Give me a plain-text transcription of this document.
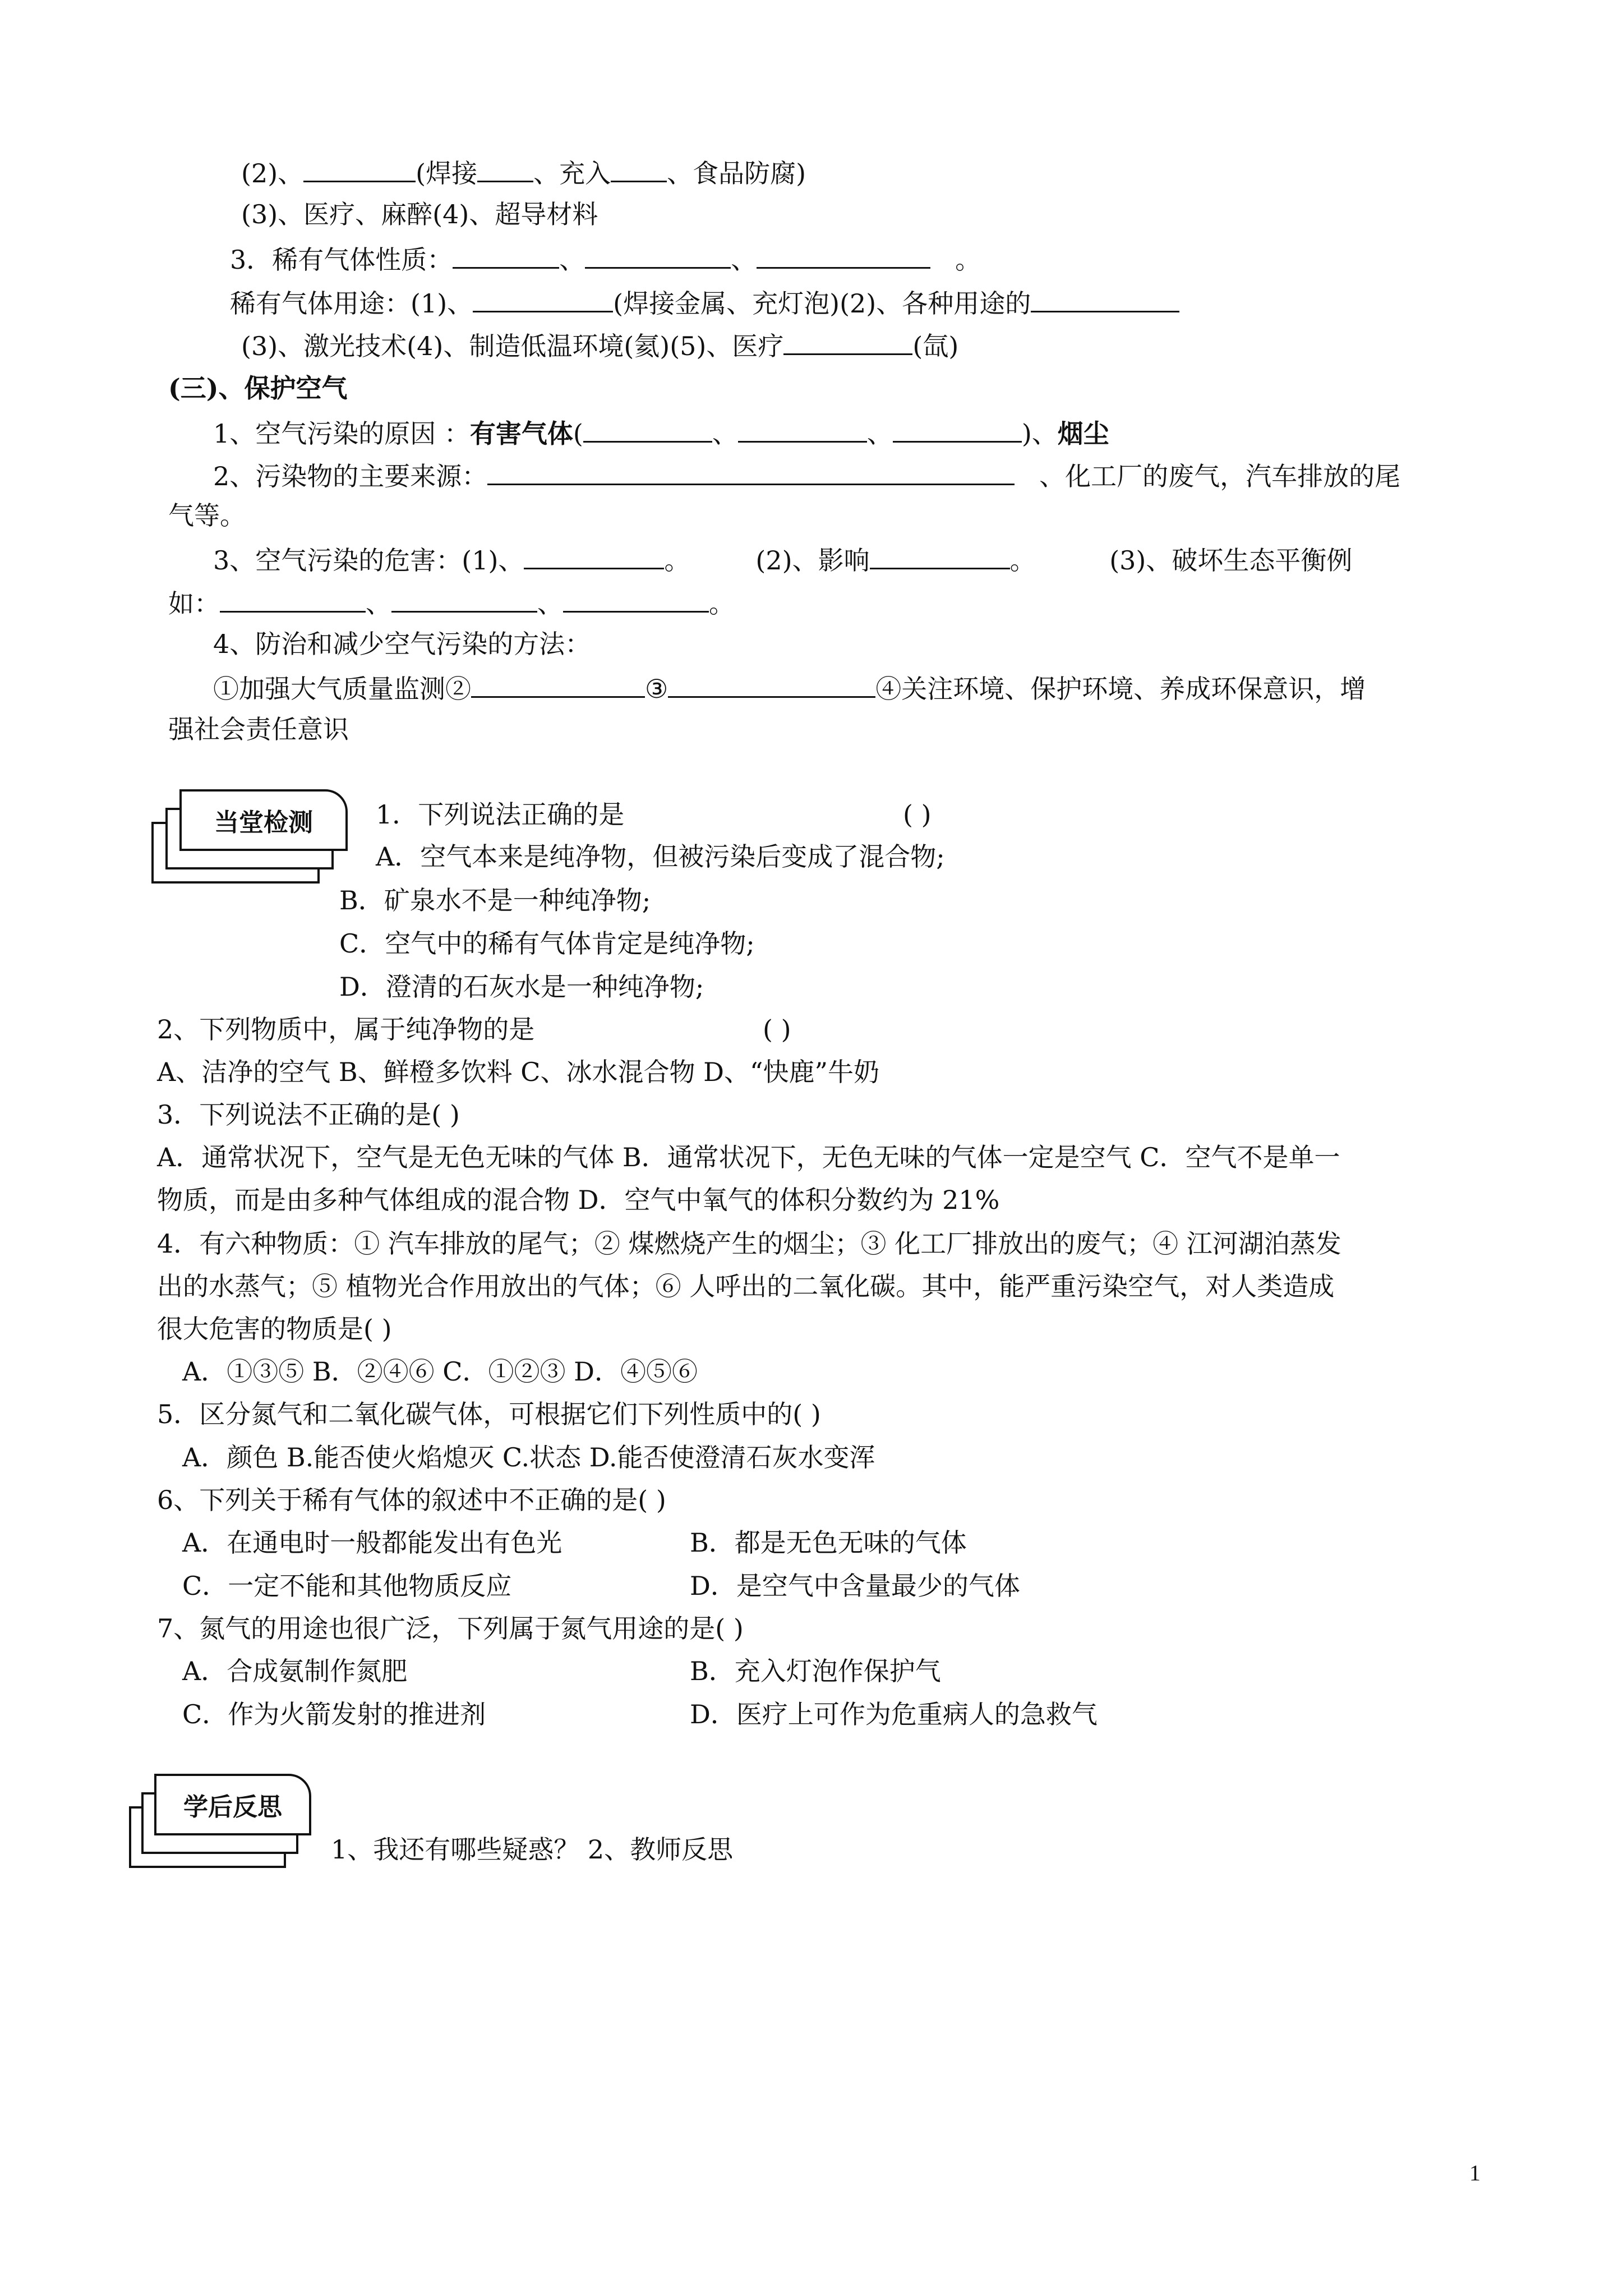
(2)、	(焊接 、充入 、食品防腐)
(3)、医疗、麻醉(4)、超导材料
3．稀有气体性质：	、	、	。
稀有气体用途：(1)、	(焊接金属、充灯泡)(2)、各种用途的
(3)、激光技术(4)、制造低温环境(氦)(5)、医疗	(氙)
(三)、保护空气
1、空气污染的原因 ：有害气体(	、	、	)、烟尘
2、污染物的主要来源：	、化工厂的废气，汽车排放的尾
气等。
3、空气污染的危害：(1)、	。	(2)、影响	。	(3)、破坏生态平衡例
如：	、	、	。
4、防治和减少空气污染的方法：
①加强大气质量监测②	③	④关注环境、保护环境、养成环保意识，增
强社会责任意识
当堂检测	1．下列说法正确的是	( )
A．空气本来是纯净物，但被污染后变成了混合物;
B．矿泉水不是一种纯净物;
C．空气中的稀有气体肯定是纯净物;
D．澄清的石灰水是一种纯净物;
2、下列物质中，属于纯净物的是	( )
A、洁净的空气 B、鲜橙多饮料 C、冰水混合物 D、“快鹿”牛奶
3．下列说法不正确的是( )
A．通常状况下，空气是无色无味的气体 B．通常状况下，无色无味的气体一定是空气 C．空气不是单一
物质，而是由多种气体组成的混合物 D．空气中氧气的体积分数约为 21%
4．有六种物质：① 汽车排放的尾气；② 煤燃烧产生的烟尘；③ 化工厂排放出的废气；④ 江河湖泊蒸发
出的水蒸气；⑤ 植物光合作用放出的气体；⑥ 人呼出的二氧化碳。其中，能严重污染空气，对人类造成
很大危害的物质是( )
A．①③⑤ B．②④⑥ C．①②③ D．④⑤⑥
5．区分氮气和二氧化碳气体，可根据它们下列性质中的( )
A．颜色 B.能否使火焰熄灭 C.状态 D.能否使澄清石灰水变浑
6、下列关于稀有气体的叙述中不正确的是( )
A．在通电时一般都能发出有色光	B．都是无色无味的气体
C．一定不能和其他物质反应	D．是空气中含量最少的气体
7、氮气的用途也很广泛，下列属于氮气用途的是( )
A．合成氨制作氮肥	B．充入灯泡作保护气
C．作为火箭发射的推进剂	D．医疗上可作为危重病人的急救气
学后反思
1、我还有哪些疑惑？ 2、教师反思
1
